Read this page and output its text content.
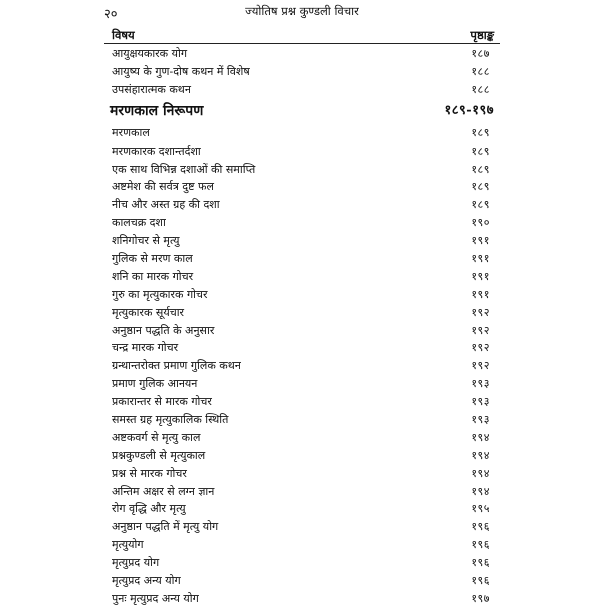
२०	ज्योतिष प्रश्न कुण्डली विचार
विषय	पृष्ठाङ्क
आयुक्षयकारक योग	१८७
आयुष्य के गुण-दोष कथन में विशेष	१८८
उपसंहारात्मक कथन	१८८
मरणकाल निरूपण	१८९-१९७
मरणकाल	१८९
मरणकारक दशान्तर्दशा	१८९
एक साथ विभिन्न दशाओं की समाप्ति	१८९
अष्टमेश की सर्वत्र दुष्ट फल	१८९
नीच और अस्त ग्रह की दशा	१८९
कालचक्र दशा	१९०
शनिगोचर से मृत्यु	१९१
गुलिक से मरण काल	१९१
शनि का मारक गोचर	१९१
गुरु का मृत्युकारक गोचर	१९१
मृत्युकारक सूर्यचार	१९२
अनुष्ठान पद्धति के अनुसार	१९२
चन्द्र मारक गोचर	१९२
ग्रन्थान्तरोक्त प्रमाण गुलिक कथन	१९२
प्रमाण गुलिक आनयन	१९३
प्रकारान्तर से मारक गोचर	१९३
समस्त ग्रह मृत्युकालिक स्थिति	१९३
अष्टकवर्ग से मृत्यु काल	१९४
प्रश्नकुण्डली से मृत्युकाल	१९४
प्रश्न से मारक गोचर	१९४
अन्तिम अक्षर से लग्न ज्ञान	१९४
रोग वृद्धि और मृत्यु	१९५
अनुष्ठान पद्धति में मृत्यु योग	१९६
मृत्युयोग	१९६
मृत्युप्रद योग	१९६
मृत्युप्रद अन्य योग	१९६
पुनः मृत्युप्रद अन्य योग	१९७
